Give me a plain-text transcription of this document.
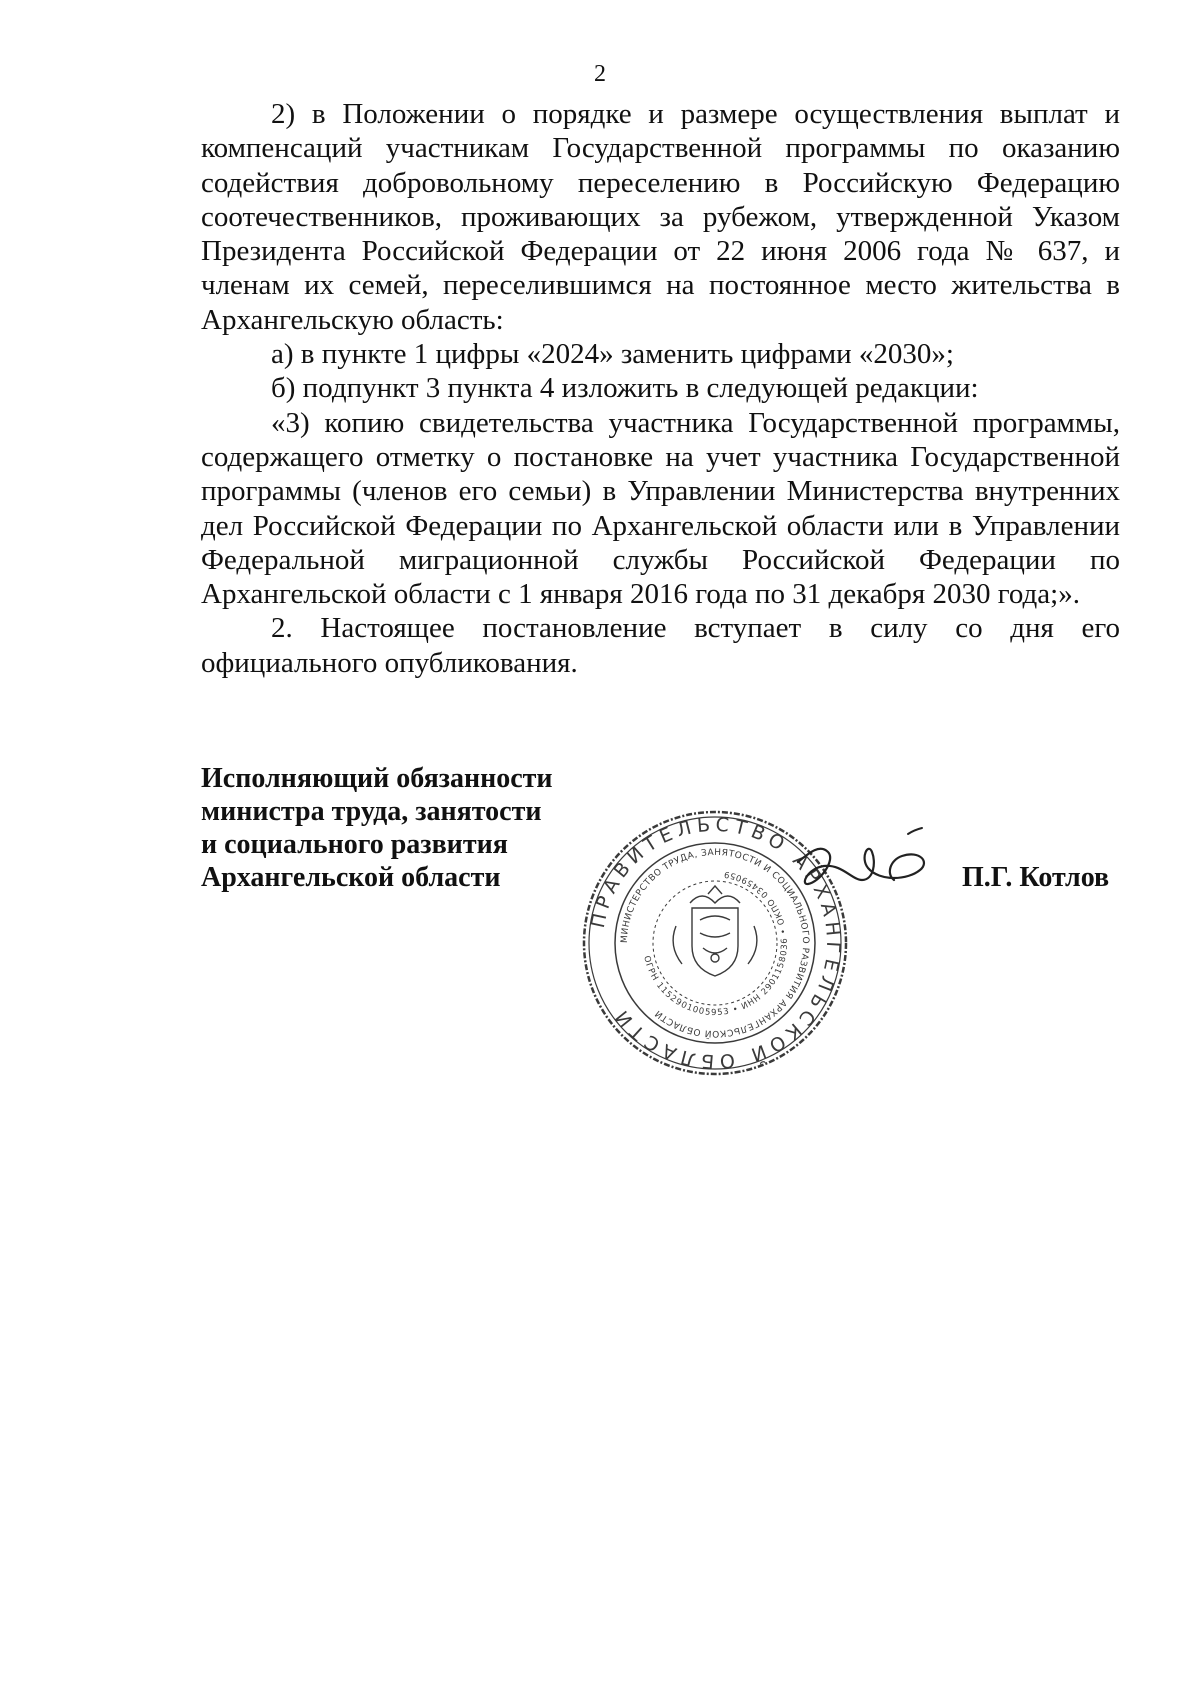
2

2) в Положении о порядке и размере осуществления выплат и компенсаций участникам Государственной программы по оказанию содействия добровольному переселению в Российскую Федерацию соотечественников, проживающих за рубежом, утвержденной Указом Президента Российской Федерации от 22 июня 2006 года № 637, и членам их семей, переселившимся на постоянное место жительства в Архангельскую область:

а) в пункте 1 цифры «2024» заменить цифрами «2030»;

б) подпункт 3 пункта 4 изложить в следующей редакции:

«3) копию свидетельства участника Государственной программы, содержащего отметку о постановке на учет участника Государственной программы (членов его семьи) в Управлении Министерства внутренних дел Российской Федерации по Архангельской области или в Управлении Федеральной миграционной службы Российской Федерации по Архангельской области с 1 января 2016 года по 31 декабря 2030 года;».

2. Настоящее постановление вступает в силу со дня его официального опубликования.

Исполняющий обязанности
министра труда, занятости
и социального развития
Архангельской области
ПРАВИТЕЛЬСТВО АРХАНГЕЛЬСКОЙ ОБЛАСТИ
МИНИСТЕРСТВО ТРУДА, ЗАНЯТОСТИ И СОЦИАЛЬНОГО РАЗВИТИЯ АРХАНГЕЛЬСКОЙ ОБЛАСТИ
ОГРН 1152901005953 • ИНН 2901158036 • ОКПО 03459059	П.Г. Котлов
